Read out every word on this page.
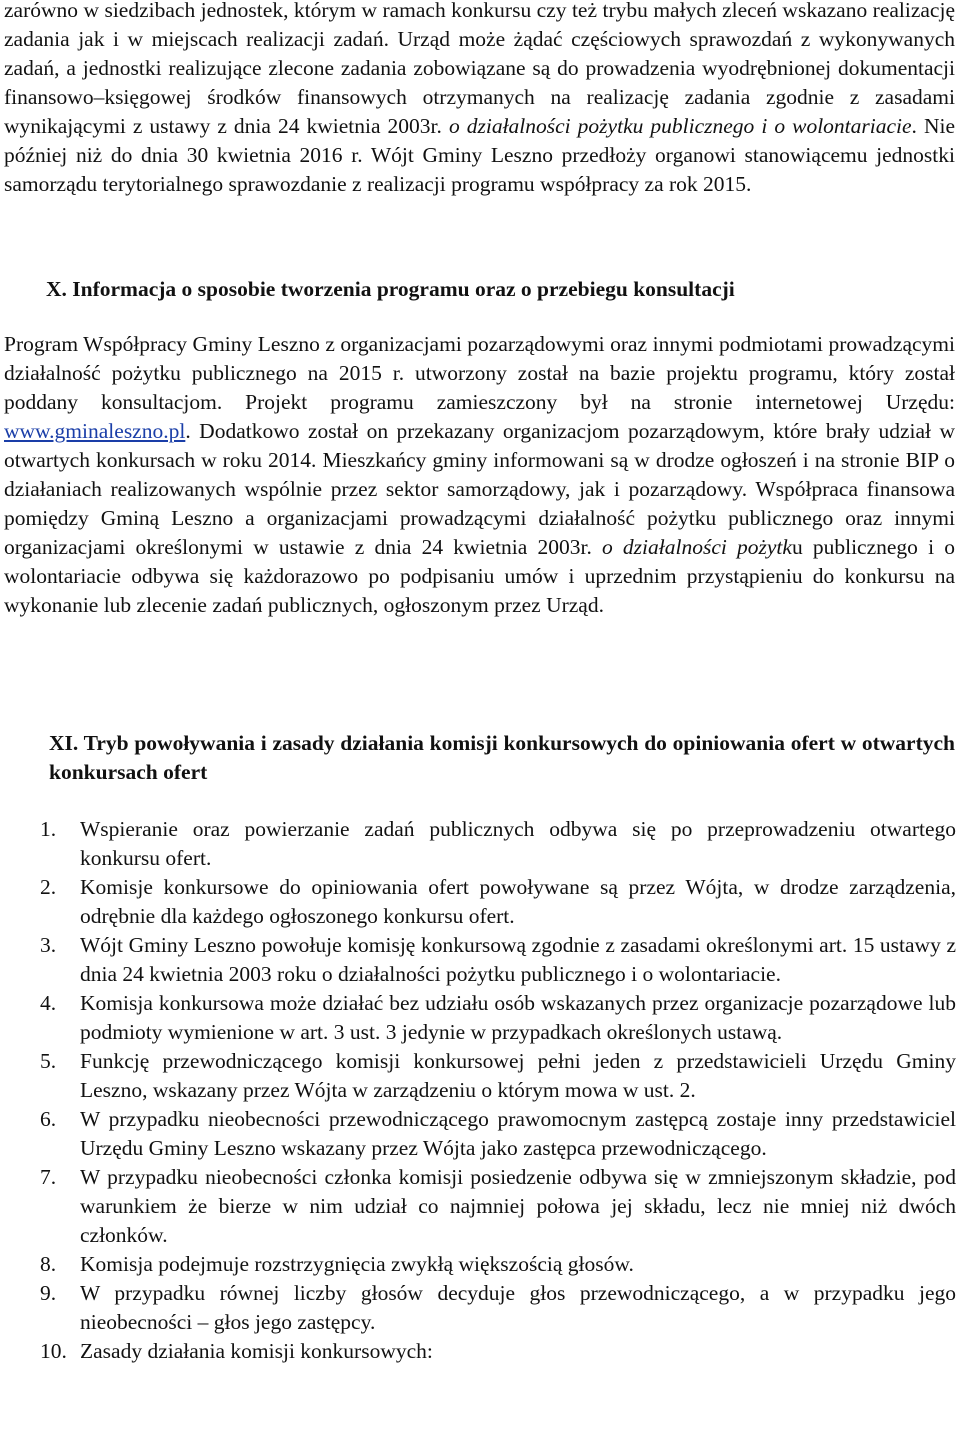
zarówno w siedzibach jednostek, którym w ramach konkursu czy też trybu małych zleceń wskazano realizację zadania jak i w miejscach realizacji zadań. Urząd może żądać częściowych sprawozdań z wykonywanych zadań, a jednostki realizujące zlecone zadania zobowiązane są do prowadzenia wyodrębnionej dokumentacji finansowo–księgowej środków finansowych otrzymanych na realizację zadania zgodnie z zasadami wynikającymi z ustawy z dnia 24 kwietnia 2003r. o działalności pożytku publicznego i o wolontariacie. Nie później niż do dnia 30 kwietnia 2016 r. Wójt Gminy Leszno przedłoży organowi stanowiącemu jednostki samorządu terytorialnego sprawozdanie z realizacji programu współpracy za rok 2015.

X. Informacja o sposobie tworzenia programu oraz o przebiegu konsultacji

Program Współpracy Gminy Leszno z organizacjami pozarządowymi oraz innymi podmiotami prowadzącymi działalność pożytku publicznego na 2015 r. utworzony został na bazie projektu programu, który został poddany konsultacjom. Projekt programu zamieszczony był na stronie internetowej Urzędu: www.gminaleszno.pl. Dodatkowo został on przekazany organizacjom pozarządowym, które brały udział w otwartych konkursach w roku 2014. Mieszkańcy gminy informowani są w drodze ogłoszeń i na stronie BIP o działaniach realizowanych wspólnie przez sektor samorządowy, jak i pozarządowy. Współpraca finansowa pomiędzy Gminą Leszno a organizacjami prowadzącymi działalność pożytku publicznego oraz innymi organizacjami określonymi w ustawie z dnia 24 kwietnia 2003r. o działalności pożytku publicznego i o wolontariacie odbywa się każdorazowo po podpisaniu umów i uprzednim przystąpieniu do konkursu na wykonanie lub zlecenie zadań publicznych, ogłoszonym przez Urząd.

XI. Tryb powoływania i zasady działania komisji konkursowych do opiniowania ofert w otwartych konkursach ofert
1. Wspieranie oraz powierzanie zadań publicznych odbywa się po przeprowadzeniu otwartego konkursu ofert.
2. Komisje konkursowe do opiniowania ofert powoływane są przez Wójta, w drodze zarządzenia, odrębnie dla każdego ogłoszonego konkursu ofert.
3. Wójt Gminy Leszno powołuje komisję konkursową zgodnie z zasadami określonymi art. 15 ustawy z dnia 24 kwietnia 2003 roku o działalności pożytku publicznego i o wolontariacie.
4. Komisja konkursowa może działać bez udziału osób wskazanych przez organizacje pozarządowe lub podmioty wymienione w art. 3 ust. 3 jedynie w przypadkach określonych ustawą.
5. Funkcję przewodniczącego komisji konkursowej pełni jeden z przedstawicieli Urzędu Gminy Leszno, wskazany przez Wójta w zarządzeniu o którym mowa w ust. 2.
6. W przypadku nieobecności przewodniczącego prawomocnym zastępcą zostaje inny przedstawiciel Urzędu Gminy Leszno wskazany przez Wójta jako zastępca przewodniczącego.
7. W przypadku nieobecności członka komisji posiedzenie odbywa się w zmniejszonym składzie, pod warunkiem że bierze w nim udział co najmniej połowa jej składu, lecz nie mniej niż dwóch członków.
8. Komisja podejmuje rozstrzygnięcia zwykłą większością głosów.
9. W przypadku równej liczby głosów decyduje głos przewodniczącego, a w przypadku jego nieobecności – głos jego zastępcy.
10. Zasady działania komisji konkursowych:
